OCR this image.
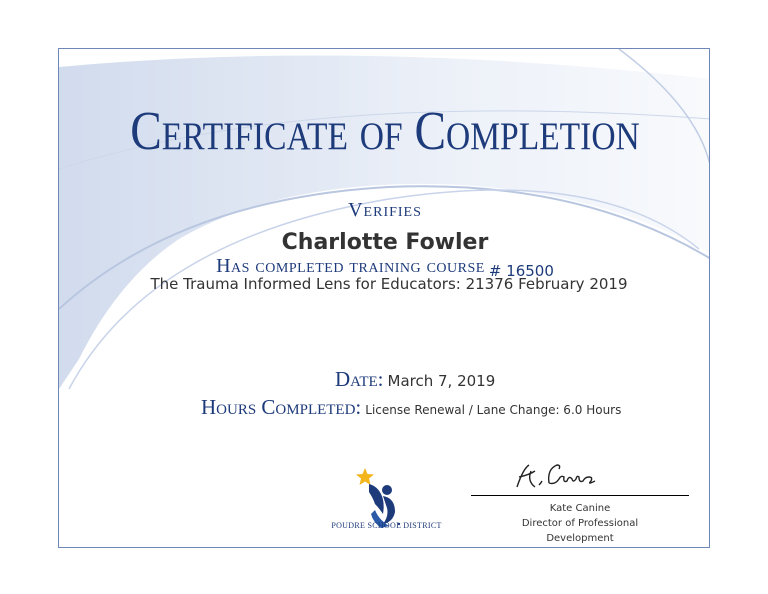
Certificate of Completion
Verifies
Charlotte Fowler
Has completed training course # 16500
The Trauma Informed Lens for Educators: 21376 February 2019
Date: March 7, 2019
Hours Completed: License Renewal / Lane Change: 6.0 Hours
POUDRE SCHOOL DISTRICT
Kate Canine
Director of Professional Development
